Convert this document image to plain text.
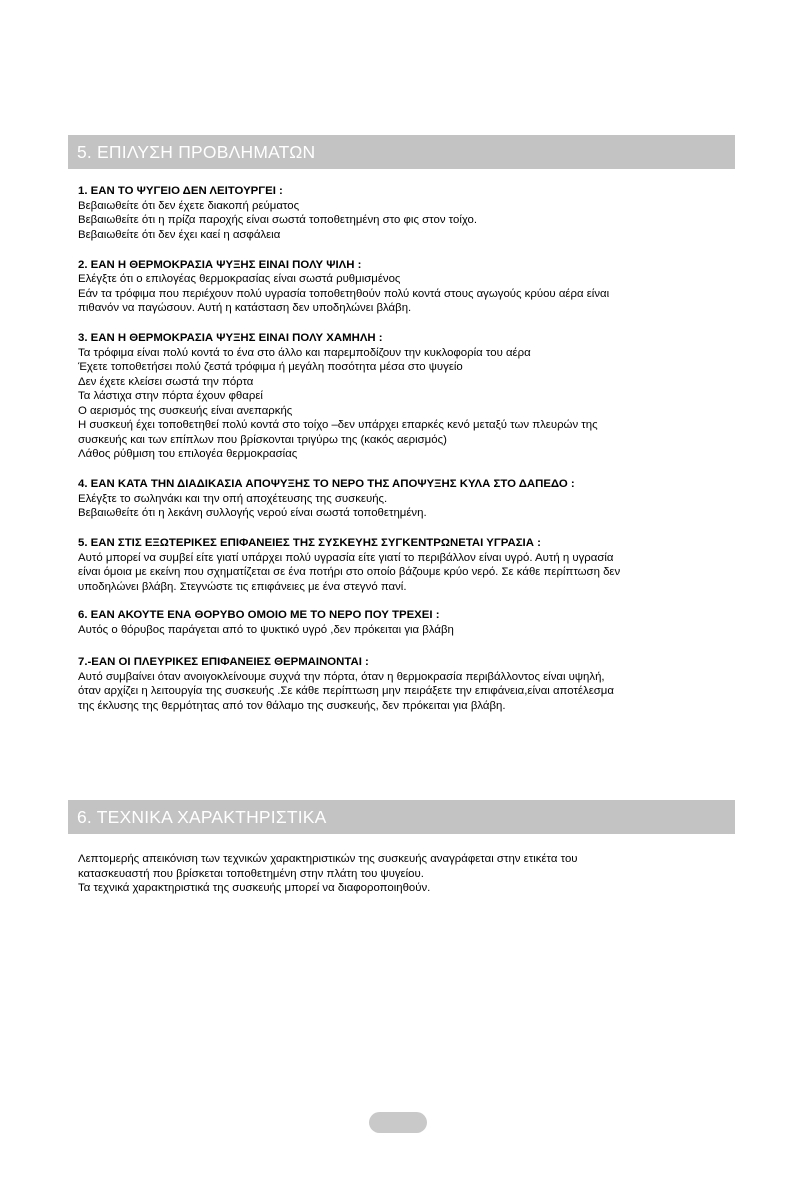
5. ΕΠΙΛΥΣΗ ΠΡΟΒΛΗΜΑΤΩΝ
1. ΕΑΝ ΤΟ ΨΥΓΕΙΟ ΔΕΝ ΛΕΙΤΟΥΡΓΕΙ :
Βεβαιωθείτε ότι δεν έχετε διακοπή ρεύματος
Βεβαιωθείτε ότι η πρίζα παροχής είναι σωστά τοποθετημένη στο φις στον τοίχο.
Βεβαιωθείτε ότι δεν έχει καεί η ασφάλεια
2. ΕΑΝ Η ΘΕΡΜΟΚΡΑΣΙΑ ΨΥΞΗΣ ΕΙΝΑΙ ΠΟΛΥ ΨΙΛΗ :
Ελέγξτε ότι ο επιλογέας θερμοκρασίας είναι σωστά ρυθμισμένος
Εάν τα τρόφιμα που περιέχουν πολύ υγρασία τοποθετηθούν πολύ κοντά στους αγωγούς κρύου αέρα είναι
πιθανόν να παγώσουν. Αυτή η κατάσταση δεν υποδηλώνει βλάβη.
3. ΕΑΝ Η ΘΕΡΜΟΚΡΑΣΙΑ ΨΥΞΗΣ ΕΙΝΑΙ ΠΟΛΥ ΧΑΜΗΛΗ :
Τα τρόφιμα είναι πολύ κοντά το ένα στο άλλο και παρεμποδίζουν την κυκλοφορία του αέρα
Έχετε τοποθετήσει πολύ ζεστά τρόφιμα ή μεγάλη ποσότητα μέσα στο ψυγείο
Δεν έχετε κλείσει σωστά την πόρτα
Τα λάστιχα στην πόρτα έχουν φθαρεί
Ο αερισμός της συσκευής είναι ανεπαρκής
Η συσκευή έχει τοποθετηθεί πολύ κοντά στο τοίχο –δεν υπάρχει επαρκές κενό μεταξύ των πλευρών της
συσκευής και των επίπλων που βρίσκονται τριγύρω της (κακός αερισμός)
Λάθος ρύθμιση του επιλογέα θερμοκρασίας
4. ΕΑΝ ΚΑΤΑ ΤΗΝ ΔΙΑΔΙΚΑΣΙΑ ΑΠΟΨΥΞΗΣ ΤΟ ΝΕΡΟ ΤΗΣ ΑΠΟΨΥΞΗΣ ΚΥΛΑ ΣΤΟ ΔΑΠΕΔΟ :
Ελέγξτε το σωληνάκι και την οπή αποχέτευσης της συσκευής.
Βεβαιωθείτε ότι η λεκάνη συλλογής νερού είναι σωστά τοποθετημένη.
5. ΕΑΝ ΣΤΙΣ ΕΞΩΤΕΡΙΚΕΣ ΕΠΙΦΑΝΕΙΕΣ ΤΗΣ ΣΥΣΚΕΥΗΣ ΣΥΓΚΕΝΤΡΩΝΕΤΑΙ ΥΓΡΑΣΙΑ :
Αυτό μπορεί να συμβεί είτε γιατί υπάρχει πολύ υγρασία είτε γιατί το περιβάλλον είναι υγρό. Αυτή η υγρασία
είναι όμοια με εκείνη που σχηματίζεται σε ένα ποτήρι στο οποίο βάζουμε κρύο νερό. Σε κάθε περίπτωση δεν
υποδηλώνει βλάβη. Στεγνώστε τις επιφάνειες με ένα στεγνό πανί.
6. ΕΑΝ ΑΚΟΥΤΕ ΕΝΑ ΘΟΡΥΒΟ ΟΜΟΙΟ ΜΕ ΤΟ ΝΕΡΟ ΠΟΥ ΤΡΕΧΕΙ :
Αυτός ο θόρυβος παράγεται από το ψυκτικό υγρό ,δεν πρόκειται για βλάβη
7.-ΕΑΝ ΟΙ ΠΛΕΥΡΙΚΕΣ ΕΠΙΦΑΝΕΙΕΣ ΘΕΡΜΑΙΝΟΝΤΑΙ :
Αυτό συμβαίνει όταν ανοιγοκλείνουμε συχνά την πόρτα, όταν η θερμοκρασία περιβάλλοντος είναι υψηλή,
όταν αρχίζει η λειτουργία της συσκευής .Σε κάθε περίπτωση μην πειράξετε την επιφάνεια,είναι αποτέλεσμα
της έκλυσης της θερμότητας από τον θάλαμο της συσκευής, δεν πρόκειται για βλάβη.
6. ΤΕΧΝΙΚΑ ΧΑΡΑΚΤΗΡΙΣΤΙΚΑ
Λεπτομερής απεικόνιση των τεχνικών χαρακτηριστικών της συσκευής αναγράφεται στην ετικέτα του
κατασκευαστή που βρίσκεται τοποθετημένη στην πλάτη του ψυγείου.
Τα τεχνικά χαρακτηριστικά της συσκευής μπορεί να διαφοροποιηθούν.
